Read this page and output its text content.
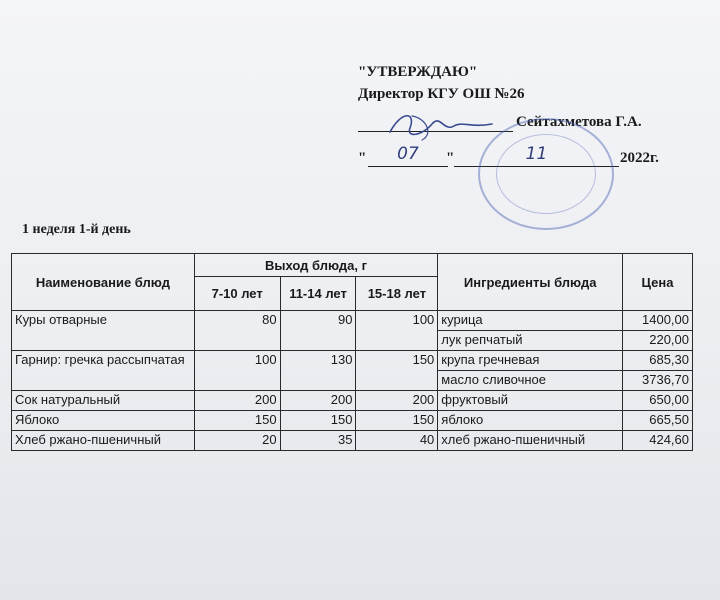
"УТВЕРЖДАЮ"
Директор КГУ ОШ №26
Сейтахметова Г.А.
"	07	"	11	2022г.
1 неделя 1-й день
Наименование блюд	Выход блюда, г			Ингредиенты блюда	Цена
	7-10 лет	11-14 лет	15-18 лет		
Куры отварные	80	90	100	курица	1400,00
				лук репчатый	220,00
Гарнир: гречка рассыпчатая	100	130	150	крупа гречневая	685,30
				масло сливочное	3736,70
Сок натуральный	200	200	200	фруктовый	650,00
Яблоко	150	150	150	яблоко	665,50
Хлеб ржано-пшеничный	20	35	40	хлеб ржано-пшеничный	424,60
